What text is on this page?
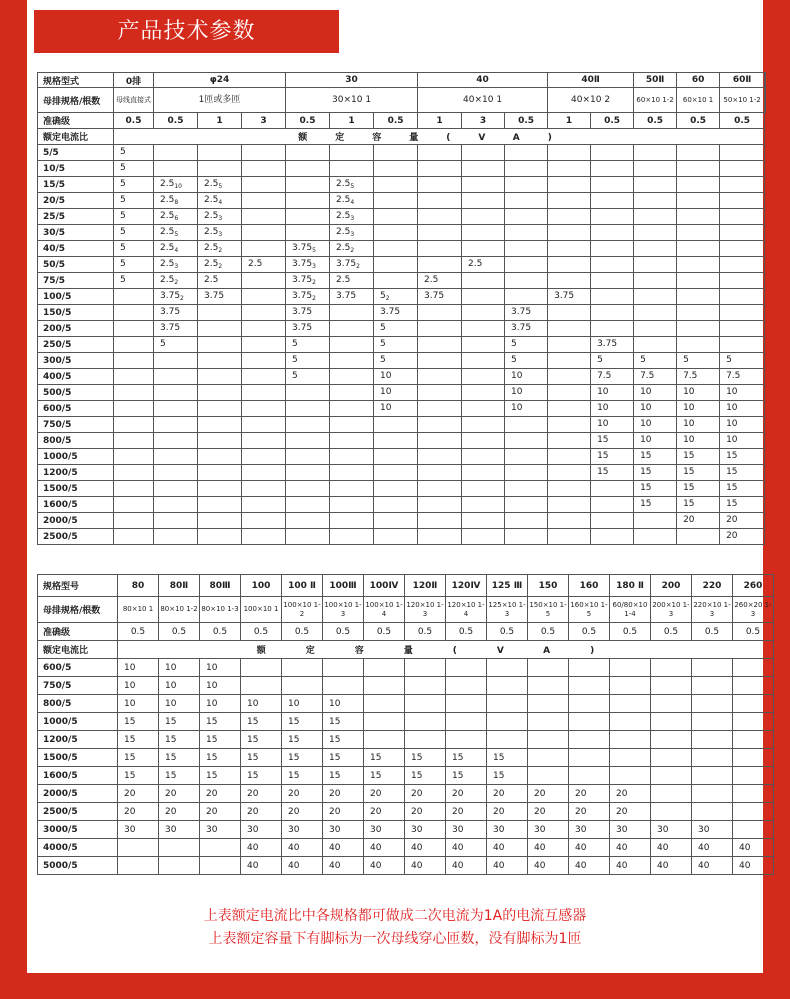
产品技术参数
规格型式	0排	φ24			30			40			40Ⅱ		50Ⅱ	60	60Ⅱ	
母排规格/根数	母线直接式	1匝或多匝			30×10 1			40×10 1			40×10 2		60×10 1-2	60×10 1	50×10 1-2	
准确级	0.5	0.5	1	3	0.5	1	0.5	1	3	0.5	1	0.5	0.5	0.5	0.5	
额定电流比	额定容量(VA)															
5/5	5															
10/5	5															
15/5	5	$2.5_{10}$	$2.5_5$			$2.5_5$									
20/5	5	$2.5_8$	$2.5_4$			$2.5_4$									
25/5	5	$2.5_6$	$2.5_3$			$2.5_3$									
30/5	5	$2.5_5$	$2.5_3$			$2.5_3$									
40/5	5	$2.5_4$	$2.5_2$		$3.75_5$	$2.5_2$									
50/5	5	$2.5_3$	$2.5_2$	2.5	$3.75_3$	$3.75_2$			2.5							
75/5	5	$2.5_2$	2.5		$3.75_2$	2.5		2.5								
100/5		$3.75_2$	3.75		$3.75_2$	3.75	$5_2$	3.75			3.75					
150/5		3.75			3.75		3.75			3.75						
200/5		3.75			3.75		5			3.75						
250/5		5			5		5			5		3.75				
300/5					5		5			5		5	5	5	5	
400/5					5		10			10		7.5	7.5	7.5	7.5	
500/5							10			10		10	10	10	10	
600/5							10			10		10	10	10	10	
750/5												10	10	10	10	
800/5												15	10	10	10	
1000/5												15	15	15	15	
1200/5												15	15	15	15	
1500/5													15	15	15	
1600/5													15	15	15	
2000/5														20	20	
2500/5															20	
规格型号	80	80Ⅱ	80Ⅲ	100	100 Ⅱ	100Ⅲ	100Ⅳ	120Ⅱ	120Ⅳ	125 Ⅲ	150	160	180 Ⅱ	200	220	260
母排规格/根数	80×10 1	80×10 1-2	80×10 1-3	100×10 1	100×10 1-2	100×10 1-3	100×10 1-4	120×10 1-3	120×10 1-4	125×10 1-3	150×10 1-5	160×10 1-5	60/80×10 1-4	200×10 1-3	220×10 1-3	260×20 1-3
准确级	0.5	0.5	0.5	0.5	0.5	0.5	0.5	0.5	0.5	0.5	0.5	0.5	0.5	0.5	0.5	0.5
额定电流比	额定容量(VA)															
600/5	10	10	10													
750/5	10	10	10													
800/5	10	10	10	10	10	10										
1000/5	15	15	15	15	15	15										
1200/5	15	15	15	15	15	15										
1500/5	15	15	15	15	15	15	15	15	15	15						
1600/5	15	15	15	15	15	15	15	15	15	15						
2000/5	20	20	20	20	20	20	20	20	20	20	20	20	20			
2500/5	20	20	20	20	20	20	20	20	20	20	20	20	20			
3000/5	30	30	30	30	30	30	30	30	30	30	30	30	30	30	30	
4000/5				40	40	40	40	40	40	40	40	40	40	40	40	40
5000/5				40	40	40	40	40	40	40	40	40	40	40	40	40
上表额定电流比中各规格都可做成二次电流为1A的电流互感器
上表额定容量下有脚标为一次母线穿心匝数，没有脚标为1匝
